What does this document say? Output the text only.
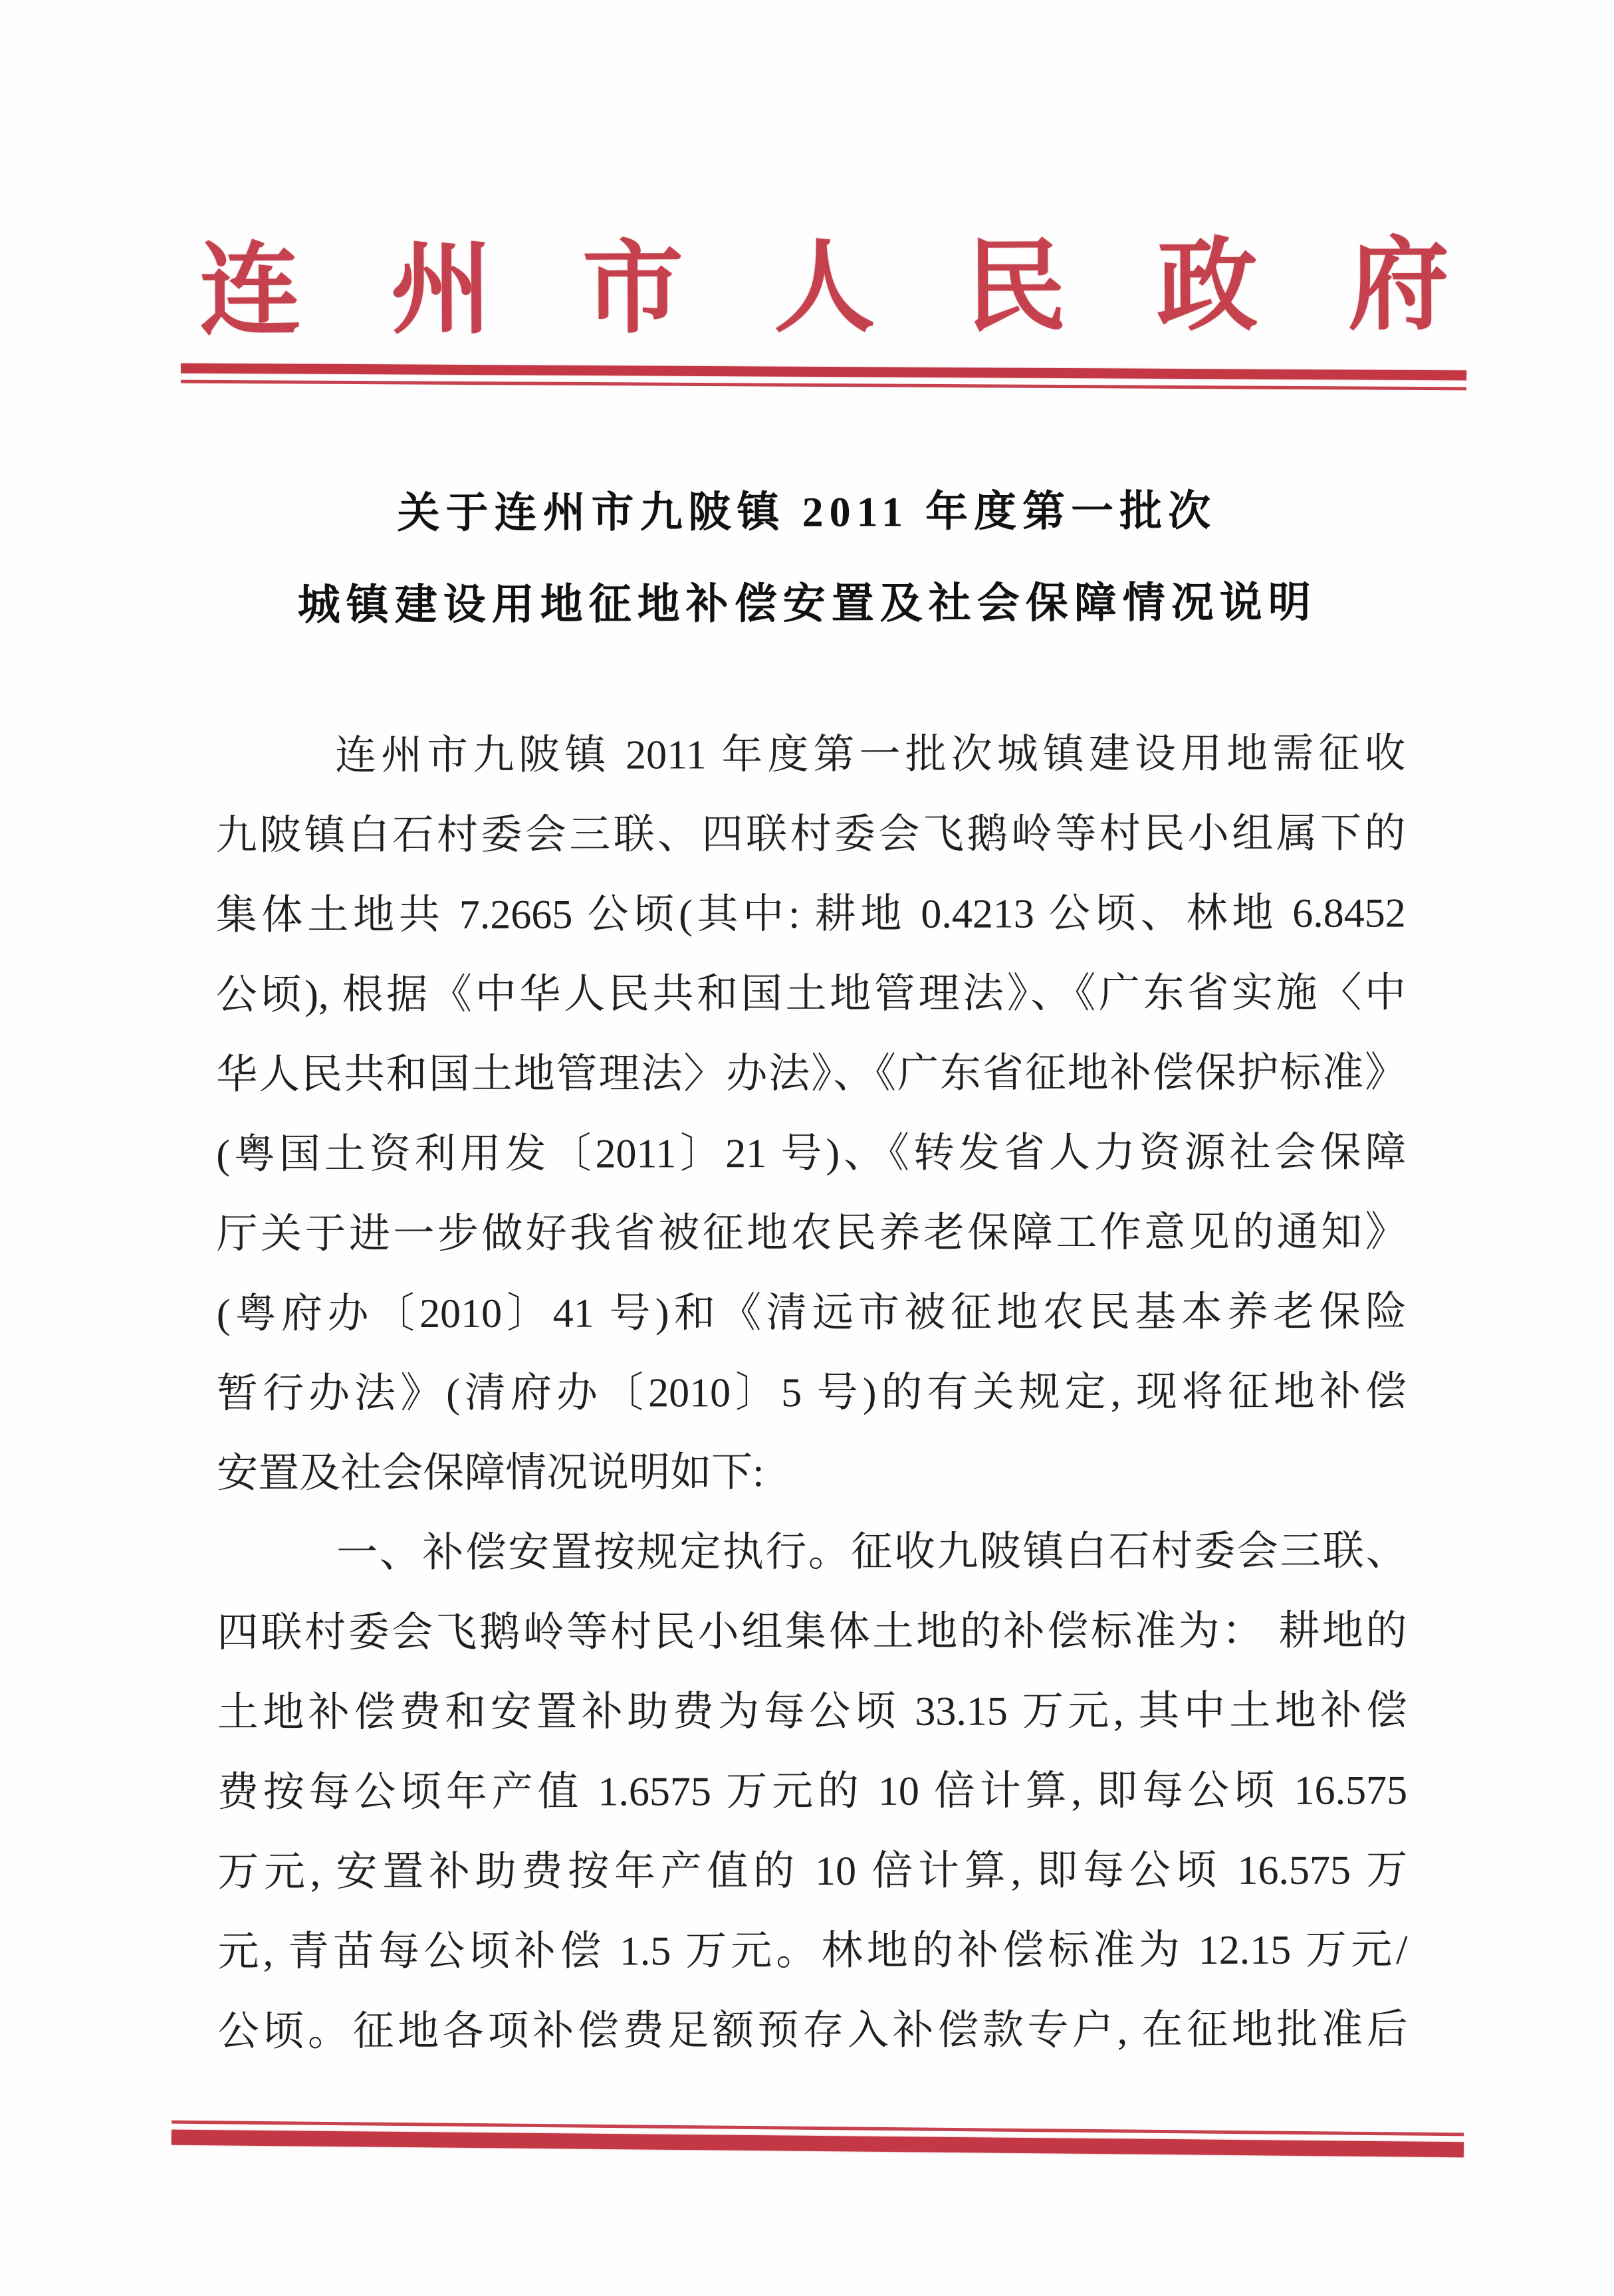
连 州 市 人 民 政 府
关于连州市九陂镇 2011 年度第一批次
城镇建设用地征地补偿安置及社会保障情况说明
连州市九陂镇 2011 年度第一批次城镇建设用地需征收
九陂镇白石村委会三联、四联村委会飞鹅岭等村民小组属下的
集体土地共 7.2665 公顷(其中: 耕地 0.4213 公顷、林地 6.8452
公顷), 根据《中华人民共和国土地管理法》、《广东省实施〈中
华人民共和国土地管理法〉办法》、《广东省征地补偿保护标准》
(粤国土资利用发〔2011〕21 号)、《转发省人力资源社会保障
厅关于进一步做好我省被征地农民养老保障工作意见的通知》
(粤府办〔2010〕41 号)和《清远市被征地农民基本养老保险
暂行办法》(清府办〔2010〕5 号)的有关规定, 现将征地补偿
安置及社会保障情况说明如下:
一、补偿安置按规定执行。征收九陂镇白石村委会三联、
四联村委会飞鹅岭等村民小组集体土地的补偿标准为： 耕地的
土地补偿费和安置补助费为每公顷 33.15 万元, 其中土地补偿
费按每公顷年产值 1.6575 万元的 10 倍计算, 即每公顷 16.575
万元, 安置补助费按年产值的 10 倍计算, 即每公顷 16.575 万
元, 青苗每公顷补偿 1.5 万元。林地的补偿标准为 12.15 万元/
公顷。征地各项补偿费足额预存入补偿款专户, 在征地批准后
